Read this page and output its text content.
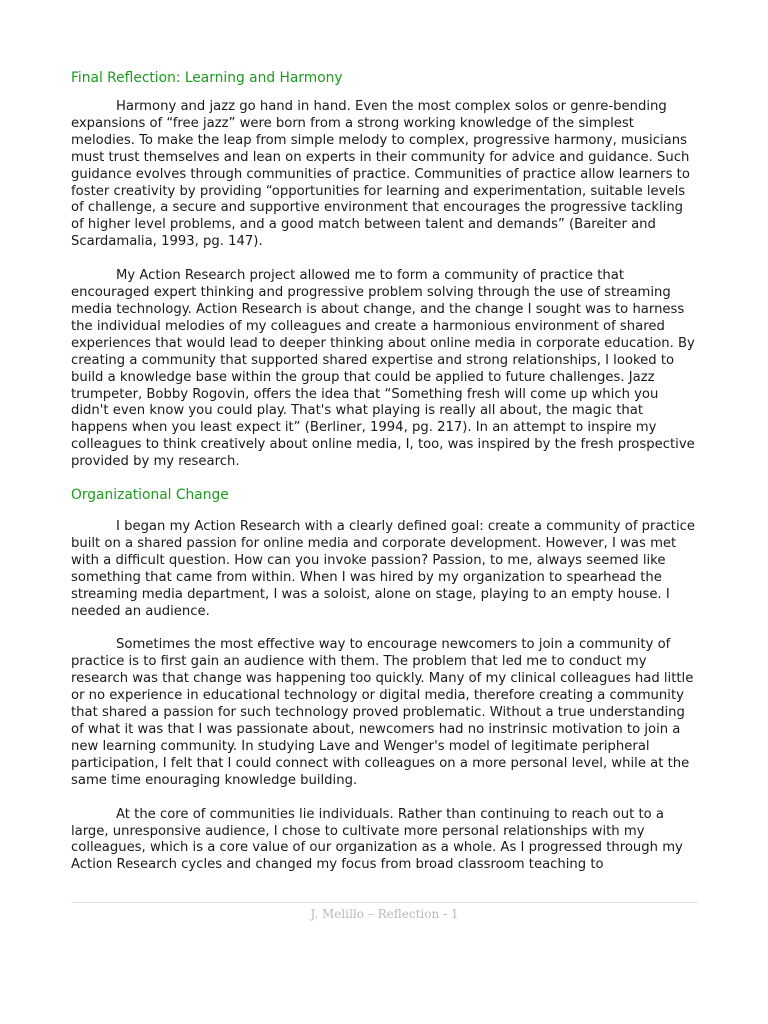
Final Reflection: Learning and Harmony

Harmony and jazz go hand in hand. Even the most complex solos or genre-bending expansions of “free jazz” were born from a strong working knowledge of the simplest melodies. To make the leap from simple melody to complex, progressive harmony, musicians must trust themselves and lean on experts in their community for advice and guidance. Such guidance evolves through communities of practice. Communities of practice allow learners to foster creativity by providing “opportunities for learning and experimentation, suitable levels of challenge, a secure and supportive environment that encourages the progressive tackling of higher level problems, and a good match between talent and demands” (Bareiter and Scardamalia, 1993, pg. 147).

My Action Research project allowed me to form a community of practice that encouraged expert thinking and progressive problem solving through the use of streaming media technology. Action Research is about change, and the change I sought was to harness the individual melodies of my colleagues and create a harmonious environment of shared experiences that would lead to deeper thinking about online media in corporate education. By creating a community that supported shared expertise and strong relationships, I looked to build a knowledge base within the group that could be applied to future challenges. Jazz trumpeter, Bobby Rogovin, offers the idea that “Something fresh will come up which you didn't even know you could play. That's what playing is really all about, the magic that happens when you least expect it” (Berliner, 1994, pg. 217). In an attempt to inspire my colleagues to think creatively about online media, I, too, was inspired by the fresh prospective provided by my research.

Organizational Change

I began my Action Research with a clearly defined goal: create a community of practice built on a shared passion for online media and corporate development. However, I was met with a difficult question. How can you invoke passion? Passion, to me, always seemed like something that came from within. When I was hired by my organization to spearhead the streaming media department, I was a soloist, alone on stage, playing to an empty house. I needed an audience.

Sometimes the most effective way to encourage newcomers to join a community of practice is to first gain an audience with them. The problem that led me to conduct my research was that change was happening too quickly. Many of my clinical colleagues had little or no experience in educational technology or digital media, therefore creating a community that shared a passion for such technology proved problematic. Without a true understanding of what it was that I was passionate about, newcomers had no instrinsic motivation to join a new learning community. In studying Lave and Wenger's model of legitimate peripheral participation, I felt that I could connect with colleagues on a more personal level, while at the same time enouraging knowledge building.

At the core of communities lie individuals. Rather than continuing to reach out to a large, unresponsive audience, I chose to cultivate more personal relationships with my colleagues, which is a core value of our organization as a whole. As I progressed through my Action Research cycles and changed my focus from broad classroom teaching to

J. Melillo – Reflection - 1
